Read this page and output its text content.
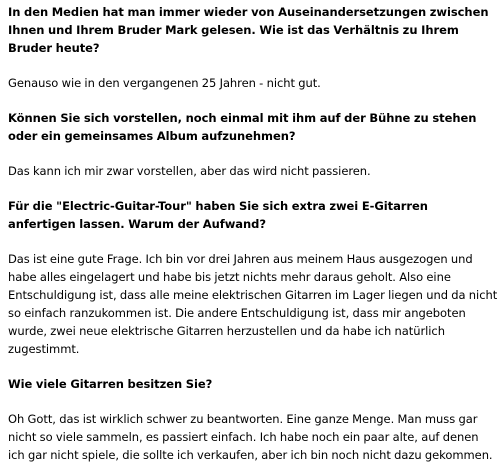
In den Medien hat man immer wieder von Auseinandersetzungen zwischen
Ihnen und Ihrem Bruder Mark gelesen. Wie ist das Verhältnis zu Ihrem
Bruder heute?

Genauso wie in den vergangenen 25 Jahren - nicht gut.

Können Sie sich vorstellen, noch einmal mit ihm auf der Bühne zu stehen
oder ein gemeinsames Album aufzunehmen?

Das kann ich mir zwar vorstellen, aber das wird nicht passieren.

Für die "Electric-Guitar-Tour" haben Sie sich extra zwei E-Gitarren
anfertigen lassen. Warum der Aufwand?

Das ist eine gute Frage. Ich bin vor drei Jahren aus meinem Haus ausgezogen und
habe alles eingelagert und habe bis jetzt nichts mehr daraus geholt. Also eine
Entschuldigung ist, dass alle meine elektrischen Gitarren im Lager liegen und da nicht
so einfach ranzukommen ist. Die andere Entschuldigung ist, dass mir angeboten
wurde, zwei neue elektrische Gitarren herzustellen und da habe ich natürlich
zugestimmt.

Wie viele Gitarren besitzen Sie?

Oh Gott, das ist wirklich schwer zu beantworten. Eine ganze Menge. Man muss gar
nicht so viele sammeln, es passiert einfach. Ich habe noch ein paar alte, auf denen
ich gar nicht spiele, die sollte ich verkaufen, aber ich bin noch nicht dazu gekommen.
